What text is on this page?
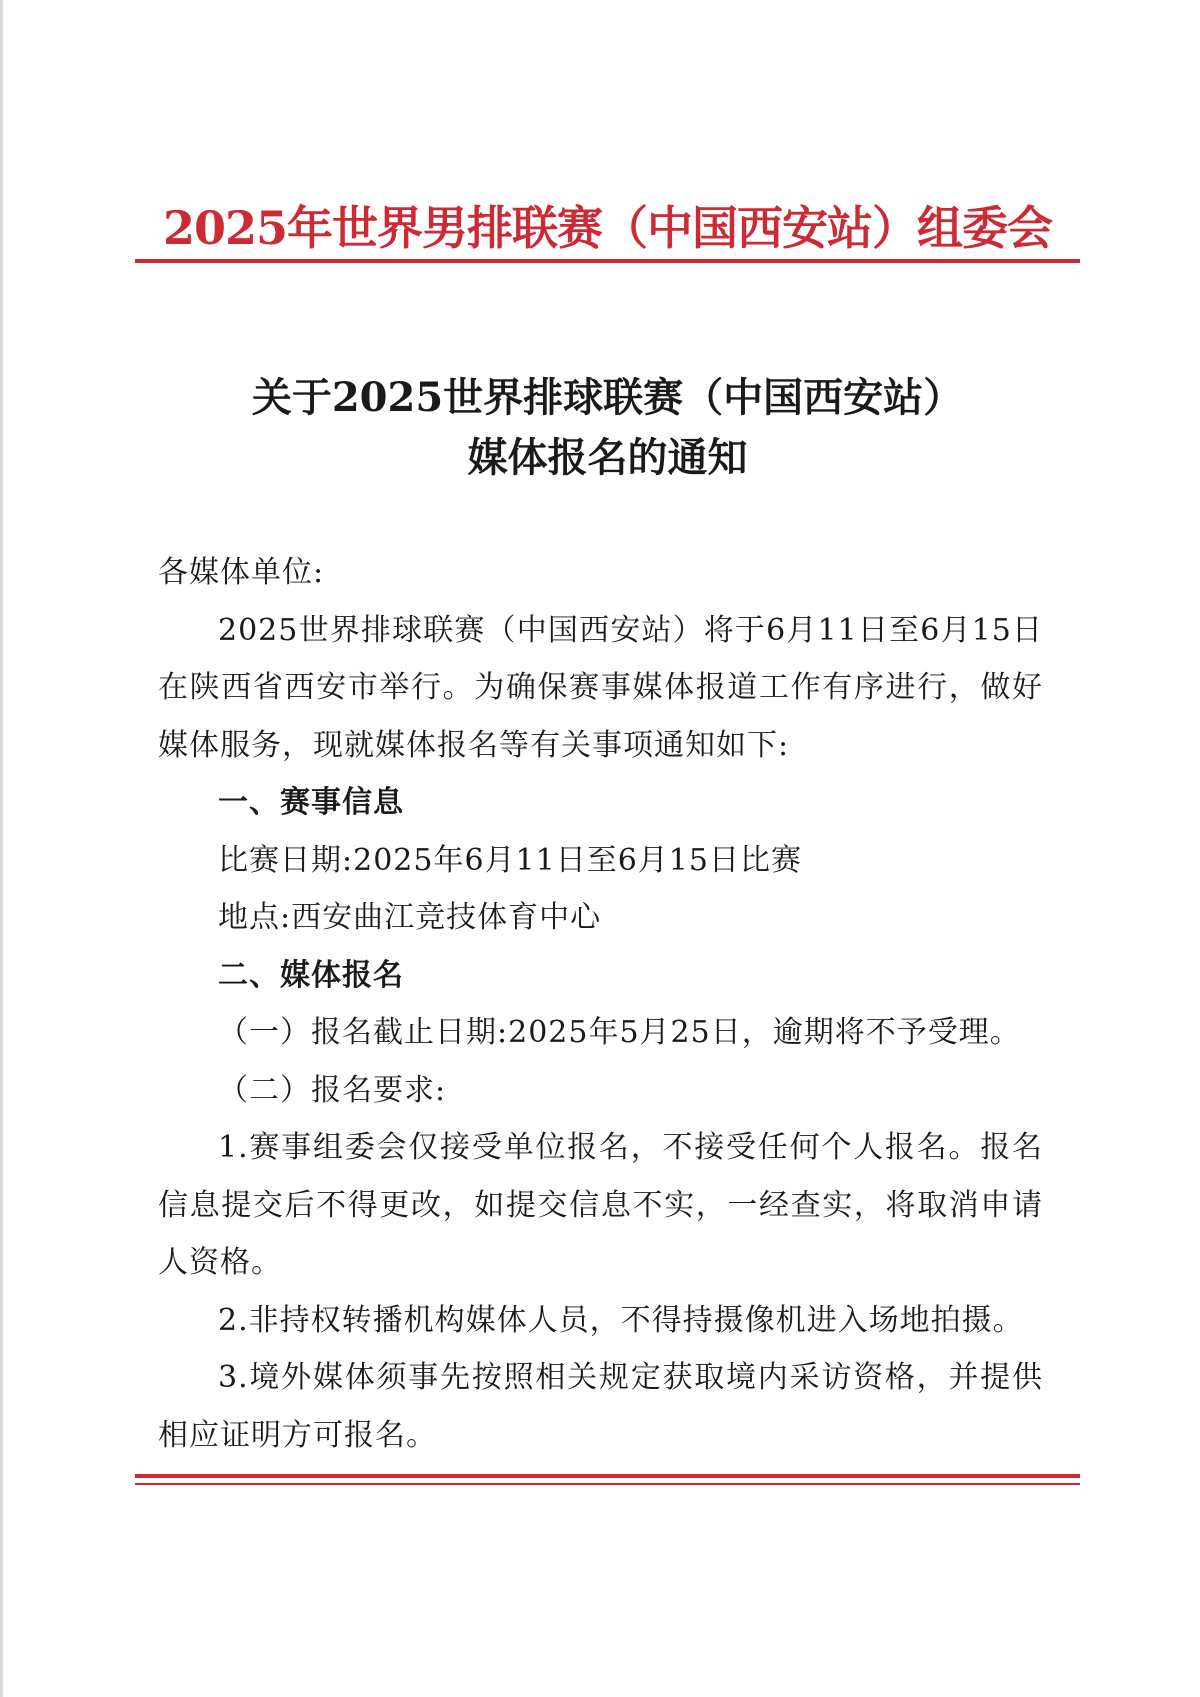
2025年世界男排联赛（中国西安站）组委会
关于2025世界排球联赛（中国西安站）
媒体报名的通知

各媒体单位:

2025世界排球联赛（中国西安站）将于6月11日至6月15日在陕西省西安市举行。为确保赛事媒体报道工作有序进行，做好媒体服务，现就媒体报名等有关事项通知如下:

一、赛事信息

比赛日期:2025年6月11日至6月15日比赛

地点:西安曲江竞技体育中心

二、媒体报名

（一）报名截止日期:2025年5月25日，逾期将不予受理。

（二）报名要求:

1.赛事组委会仅接受单位报名，不接受任何个人报名。报名信息提交后不得更改，如提交信息不实，一经查实，将取消申请人资格。

2.非持权转播机构媒体人员，不得持摄像机进入场地拍摄。

3.境外媒体须事先按照相关规定获取境内采访资格，并提供相应证明方可报名。
